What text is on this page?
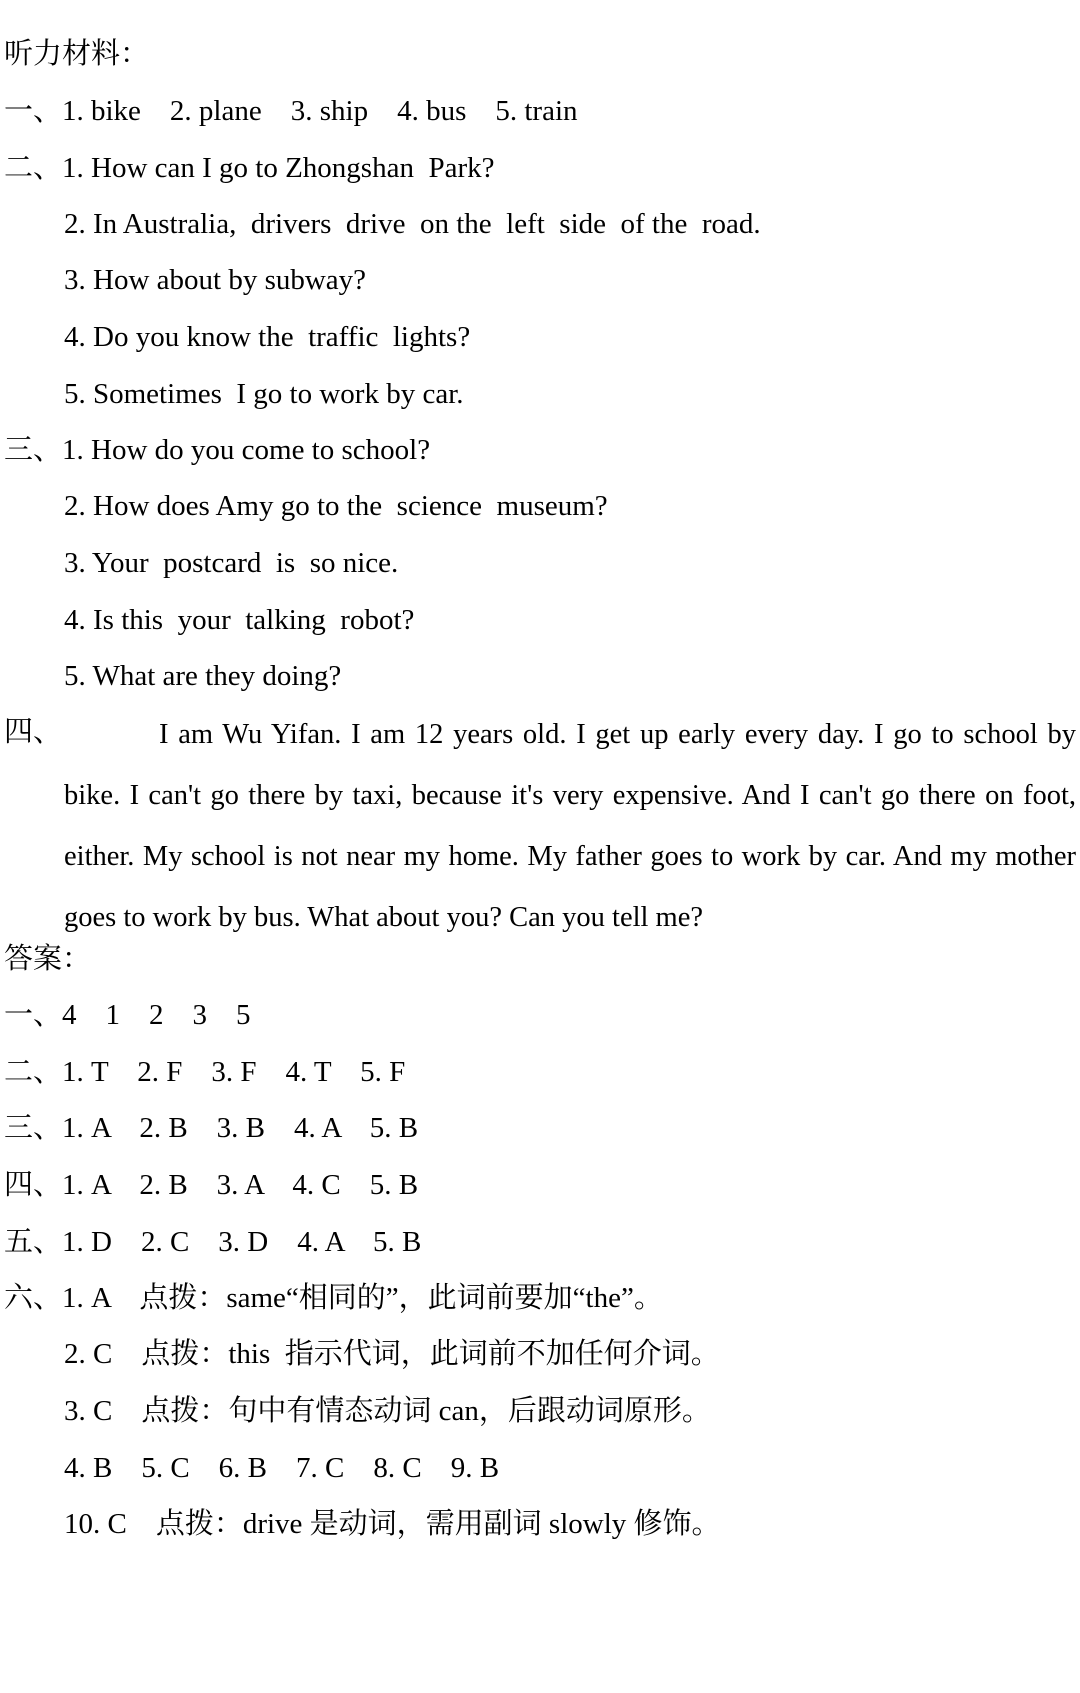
听力材料：
一、1. bike    2. plane    3. ship    4. bus    5. train
二、1. How can I go to Zhongshan  Park?
2. In Australia,  drivers  drive  on the  left  side  of the  road.
3. How about by subway?
4. Do you know the  traffic  lights?
5. Sometimes  I go to work by car.
三、1. How do you come to school?
2. How does Amy go to the  science  museum?
3. Your  postcard  is  so nice.
4. Is this  your  talking  robot?
5. What are they doing?
四、	I am Wu Yifan. I am 12 years old. I get up early every day. I go to school by bike. I can't go there by taxi, because it's very expensive. And I can't go there on foot, either. My school is not near my home. My father goes to work by car. And my mother goes to work by bus. What about you? Can you tell me?
答案：
一、4    1    2    3    5
二、1. T    2. F    3. F    4. T    5. F
三、1. A    2. B    3. B    4. A    5. B
四、1. A    2. B    3. A    4. C    5. B
五、1. D    2. C    3. D    4. A    5. B
六、1. A    点拨：same“相同的”，此词前要加“the”。
2. C    点拨：this  指示代词，此词前不加任何介词。
3. C    点拨：句中有情态动词 can，后跟动词原形。
4. B    5. C    6. B    7. C    8. C    9. B
10. C    点拨：drive 是动词，需用副词 slowly 修饰。
